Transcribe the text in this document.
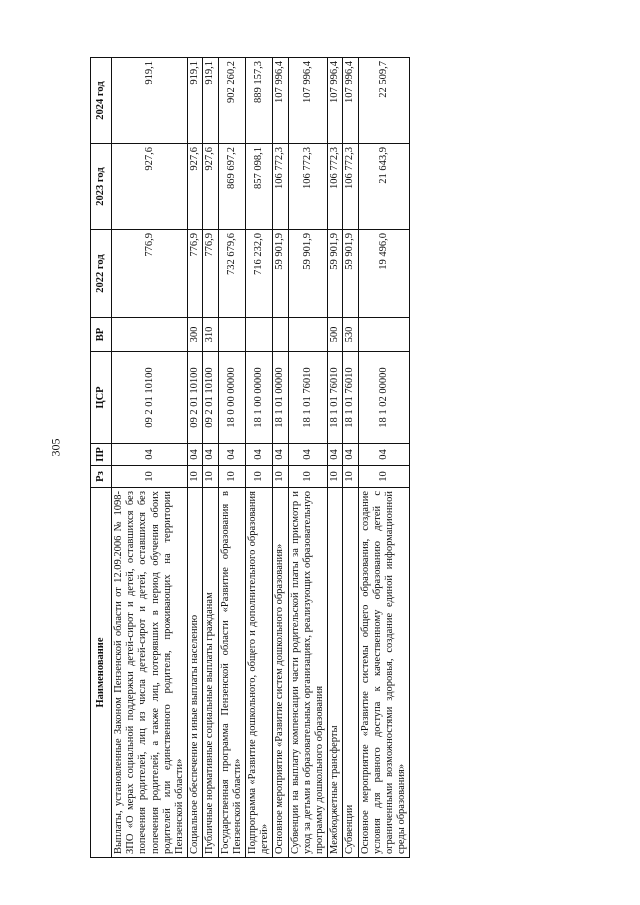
305
Наименование	Рз	ПР	ЦСР	ВР	2022 год	2023 год	2024 год
Выплаты, установленные Законом Пензенской области от 12.09.2006 № 1098-ЗПО «О мерах социальной поддержки детей-сирот и детей, оставшихся без попечения родителей, лиц из числа детей-сирот и детей, оставшихся без попечения родителей, а также лиц, потерявших в период обучения обоих родителей или единственного родителя, проживающих на территории Пензенской области»	10	04	09 2 01 10100		776,9	927,6	919,1
Социальное обеспечение и иные выплаты населению	10	04	09 2 01 10100	300	776,9	927,6	919,1
Публичные нормативные социальные выплаты гражданам	10	04	09 2 01 10100	310	776,9	927,6	919,1
Государственная программа Пензенской области «Развитие образования в Пензенской области»	10	04	18 0 00 00000		732 679,6	869 697,2	902 260,2
Подпрограмма «Развитие дошкольного, общего и дополнительного образования детей»	10	04	18 1 00 00000		716 232,0	857 098,1	889 157,3
Основное мероприятие «Развитие систем дошкольного образования»	10	04	18 1 01 00000		59 901,9	106 772,3	107 996,4
Субвенции на выплату компенсации части родительской платы за присмотр и уход за детьми в образовательных организациях, реализующих образовательную программу дошкольного образования	10	04	18 1 01 76010		59 901,9	106 772,3	107 996,4
Межбюджетные трансферты	10	04	18 1 01 76010	500	59 901,9	106 772,3	107 996,4
Субвенции	10	04	18 1 01 76010	530	59 901,9	106 772,3	107 996,4
Основное мероприятие «Развитие системы общего образования, создание условия для равного доступа к качественному образованию детей с ограниченными возможностями здоровья, создание единой информационной среды образования»	10	04	18 1 02 00000		19 496,0	21 643,9	22 509,7
